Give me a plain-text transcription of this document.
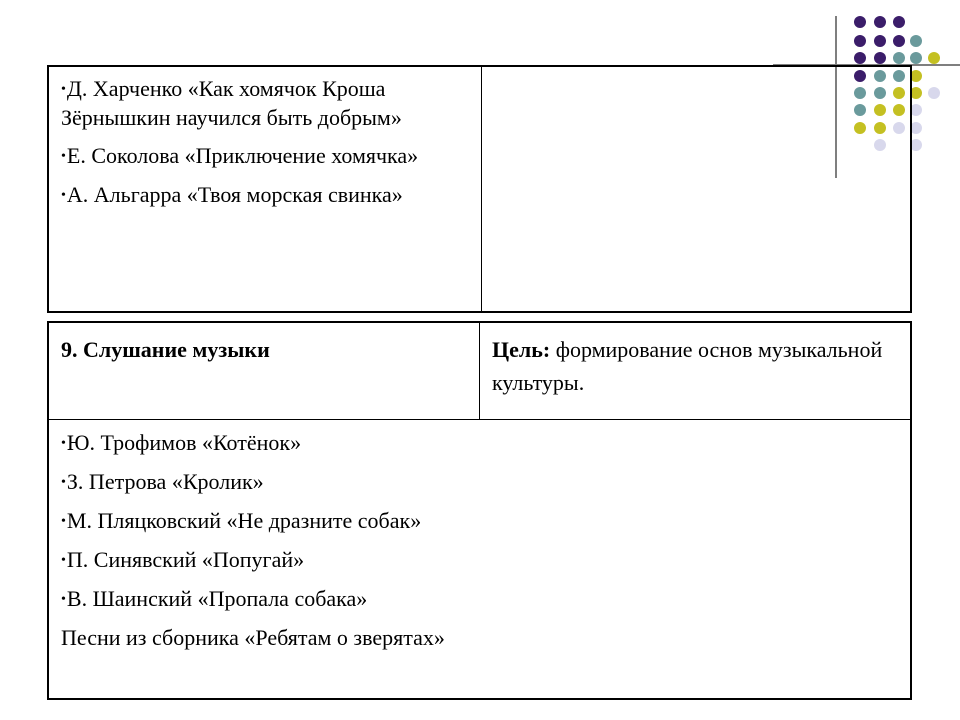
•Д. Харченко «Как хомячок Кроша Зёрнышкин научился быть добрым»
•Е. Соколова «Приключение хомячка»
•А. Альгарра «Твоя морская свинка»

9. Слушание музыки	Цель: формирование основ музыкальной культуры.

•Ю. Трофимов «Котёнок»
•З. Петрова «Кролик»
•М. Пляцковский «Не дразните собак»
•П. Синявский «Попугай»
•В. Шаинский «Пропала собака»
Песни из сборника «Ребятам о зверятах»
